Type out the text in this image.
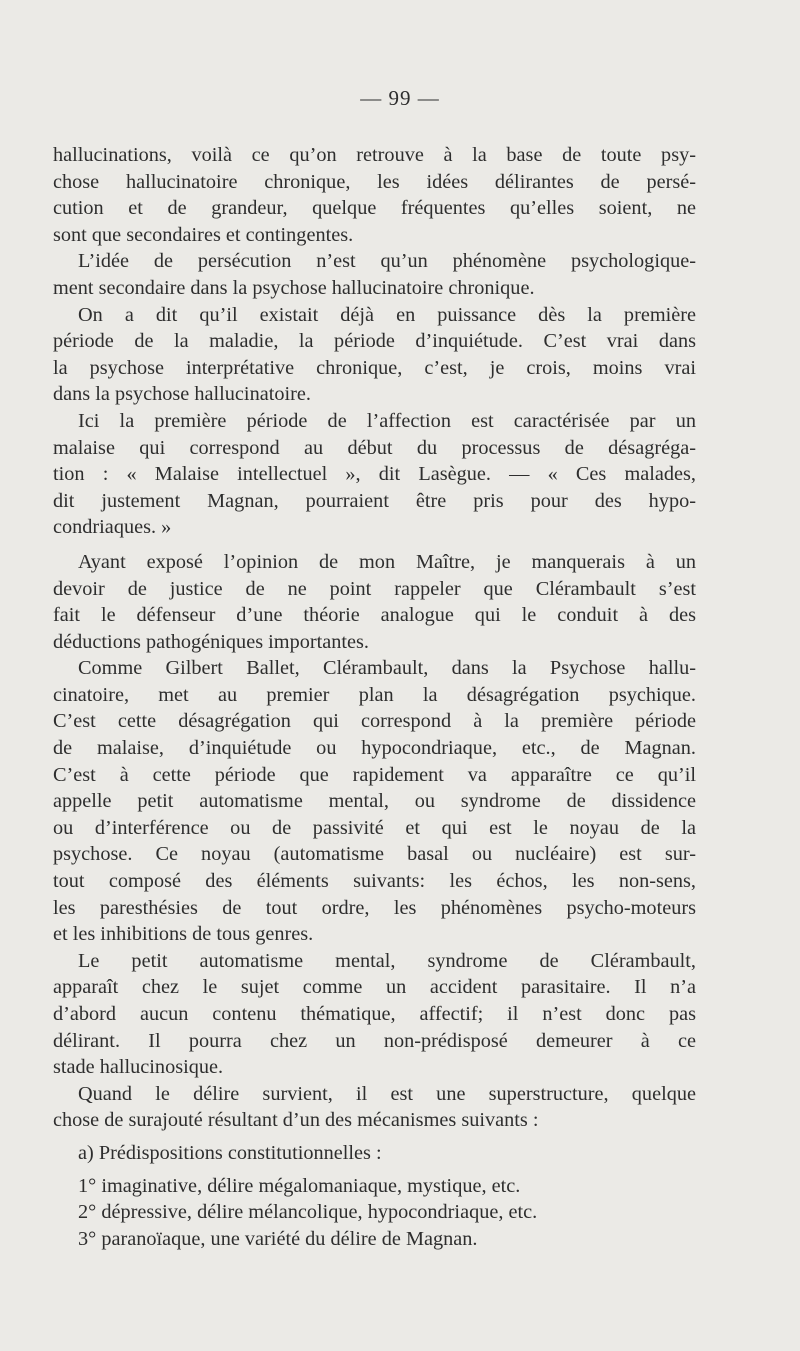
— 99 —
hallucinations, voilà ce qu’on retrouve à la base de toute psy-
chose hallucinatoire chronique, les idées délirantes de persé-
cution et de grandeur, quelque fréquentes qu’elles soient, ne
sont que secondaires et contingentes.
L’idée de persécution n’est qu’un phénomène psychologique-
ment secondaire dans la psychose hallucinatoire chronique.
On a dit qu’il existait déjà en puissance dès la première
période de la maladie, la période d’inquiétude. C’est vrai dans
la psychose interprétative chronique, c’est, je crois, moins vrai
dans la psychose hallucinatoire.
Ici la première période de l’affection est caractérisée par un
malaise qui correspond au début du processus de désagréga-
tion : « Malaise intellectuel », dit Lasègue. — « Ces malades,
dit justement Magnan, pourraient être pris pour des hypo-
condriaques. »
Ayant exposé l’opinion de mon Maître, je manquerais à un
devoir de justice de ne point rappeler que Clérambault s’est
fait le défenseur d’une théorie analogue qui le conduit à des
déductions pathogéniques importantes.
Comme Gilbert Ballet, Clérambault, dans la Psychose hallu-
cinatoire, met au premier plan la désagrégation psychique.
C’est cette désagrégation qui correspond à la première période
de malaise, d’inquiétude ou hypocondriaque, etc., de Magnan.
C’est à cette période que rapidement va apparaître ce qu’il
appelle petit automatisme mental, ou syndrome de dissidence
ou d’interférence ou de passivité et qui est le noyau de la
psychose. Ce noyau (automatisme basal ou nucléaire) est sur-
tout composé des éléments suivants: les échos, les non-sens,
les paresthésies de tout ordre, les phénomènes psycho-moteurs
et les inhibitions de tous genres.
Le petit automatisme mental, syndrome de Clérambault,
apparaît chez le sujet comme un accident parasitaire. Il n’a
d’abord aucun contenu thématique, affectif; il n’est donc pas
délirant. Il pourra chez un non-prédisposé demeurer à ce
stade hallucinosique.
Quand le délire survient, il est une superstructure, quelque
chose de surajouté résultant d’un des mécanismes suivants :
a) Prédispositions constitutionnelles :
1° imaginative, délire mégalomaniaque, mystique, etc.
2° dépressive, délire mélancolique, hypocondriaque, etc.
3° paranoïaque, une variété du délire de Magnan.
